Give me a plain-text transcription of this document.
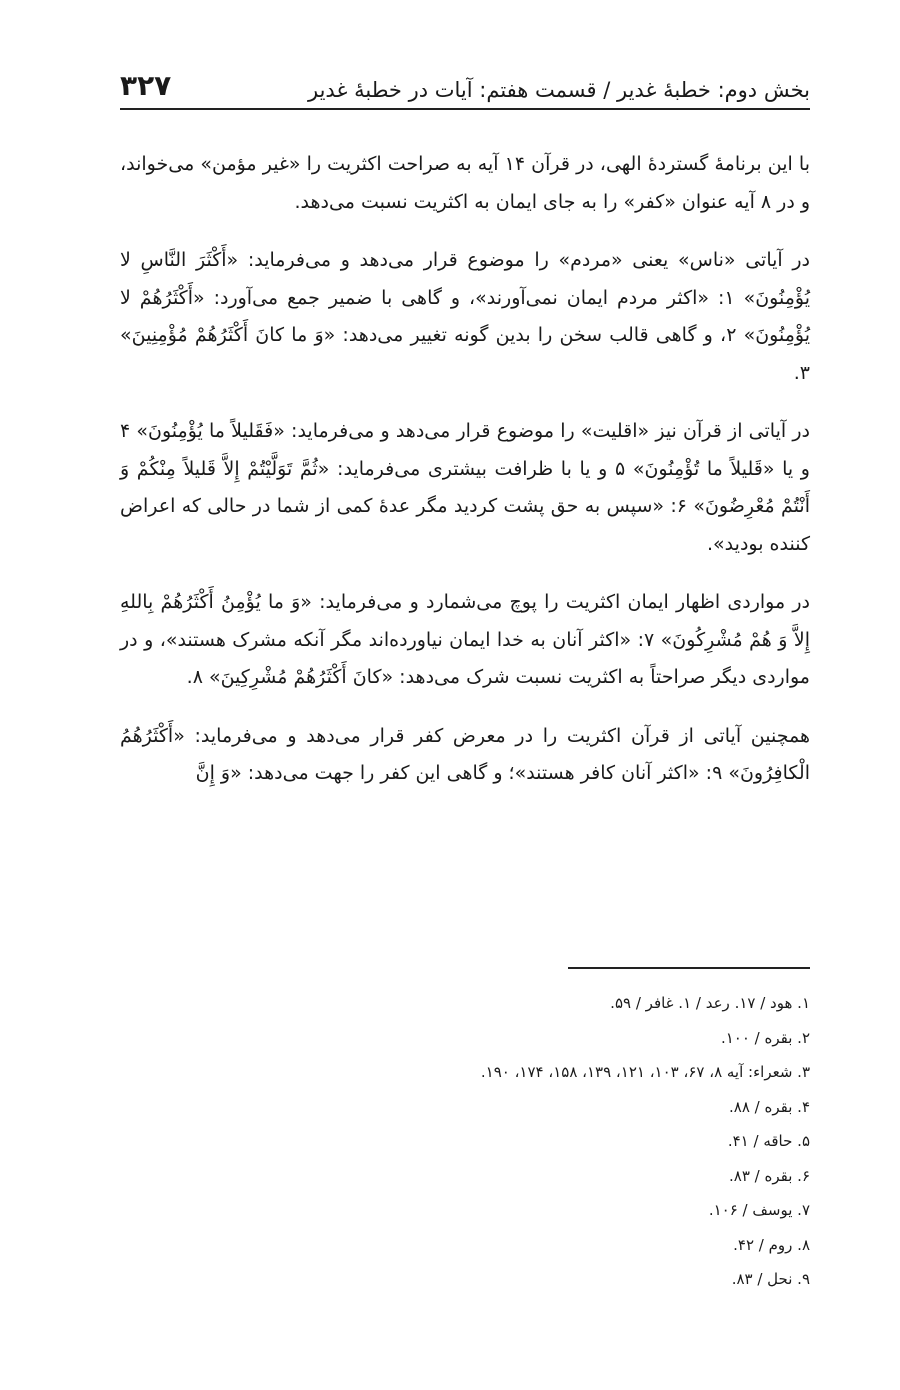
۳۲۷	بخش دوم: خطبهٔ غدیر / قسمت هفتم: آیات در خطبهٔ غدیر

با این برنامهٔ گستردهٔ الهی، در قرآن ۱۴ آیه به صراحت اکثریت را «غیر مؤمن» می‌خواند، و در ۸ آیه عنوان «کفر» را به جای ایمان به اکثریت نسبت می‌دهد.

در آیاتی «ناس» یعنی «مردم» را موضوع قرار می‌دهد و می‌فرماید: «أَکْثَرَ النَّاسِ لا یُؤْمِنُونَ» ۱: «اکثر مردم ایمان نمی‌آورند»، و گاهی با ضمیر جمع می‌آورد: «أَکْثَرُهُمْ لا یُؤْمِنُونَ» ۲، و گاهی قالب سخن را بدین گونه تغییر می‌دهد: «وَ ما کانَ أَکْثَرُهُمْ مُؤْمِنِینَ» ۳.

در آیاتی از قرآن نیز «اقلیت» را موضوع قرار می‌دهد و می‌فرماید: «فَقَلیلاً ما یُؤْمِنُونَ» ۴ و یا «قَلیلاً ما تُؤْمِنُونَ» ۵ و یا با ظرافت بیشتری می‌فرماید: «ثُمَّ تَوَلَّیْتُمْ إِلاَّ قَلیلاً مِنْکُمْ وَ أَنْتُمْ مُعْرِضُونَ» ۶: «سپس به حق پشت کردید مگر عدهٔ کمی از شما در حالی که اعراض کننده بودید».

در مواردی اظهار ایمان اکثریت را پوچ می‌شمارد و می‌فرماید: «وَ ما یُؤْمِنُ أَکْثَرُهُمْ بِاللهِ إِلاَّ وَ هُمْ مُشْرِکُونَ» ۷: «اکثر آنان به خدا ایمان نیاورده‌اند مگر آنکه مشرک هستند»، و در مواردی دیگر صراحتاً به اکثریت نسبت شرک می‌دهد: «کانَ أَکْثَرُهُمْ مُشْرِکِینَ» ۸.

همچنین آیاتی از قرآن اکثریت را در معرض کفر قرار می‌دهد و می‌فرماید: «أَکْثَرُهُمُ الْکافِرُونَ» ۹: «اکثر آنان کافر هستند»؛ و گاهی این کفر را جهت می‌دهد: «وَ إِنَّ

۱. هود / ۱۷. رعد / ۱. غافر / ۵۹.
۲. بقره / ۱۰۰.
۳. شعراء: آیه ۸، ۶۷، ۱۰۳، ۱۲۱، ۱۳۹، ۱۵۸، ۱۷۴، ۱۹۰.
۴. بقره / ۸۸.
۵. حاقه / ۴۱.
۶. بقره / ۸۳.
۷. یوسف / ۱۰۶.
۸. روم / ۴۲.
۹. نحل / ۸۳.
